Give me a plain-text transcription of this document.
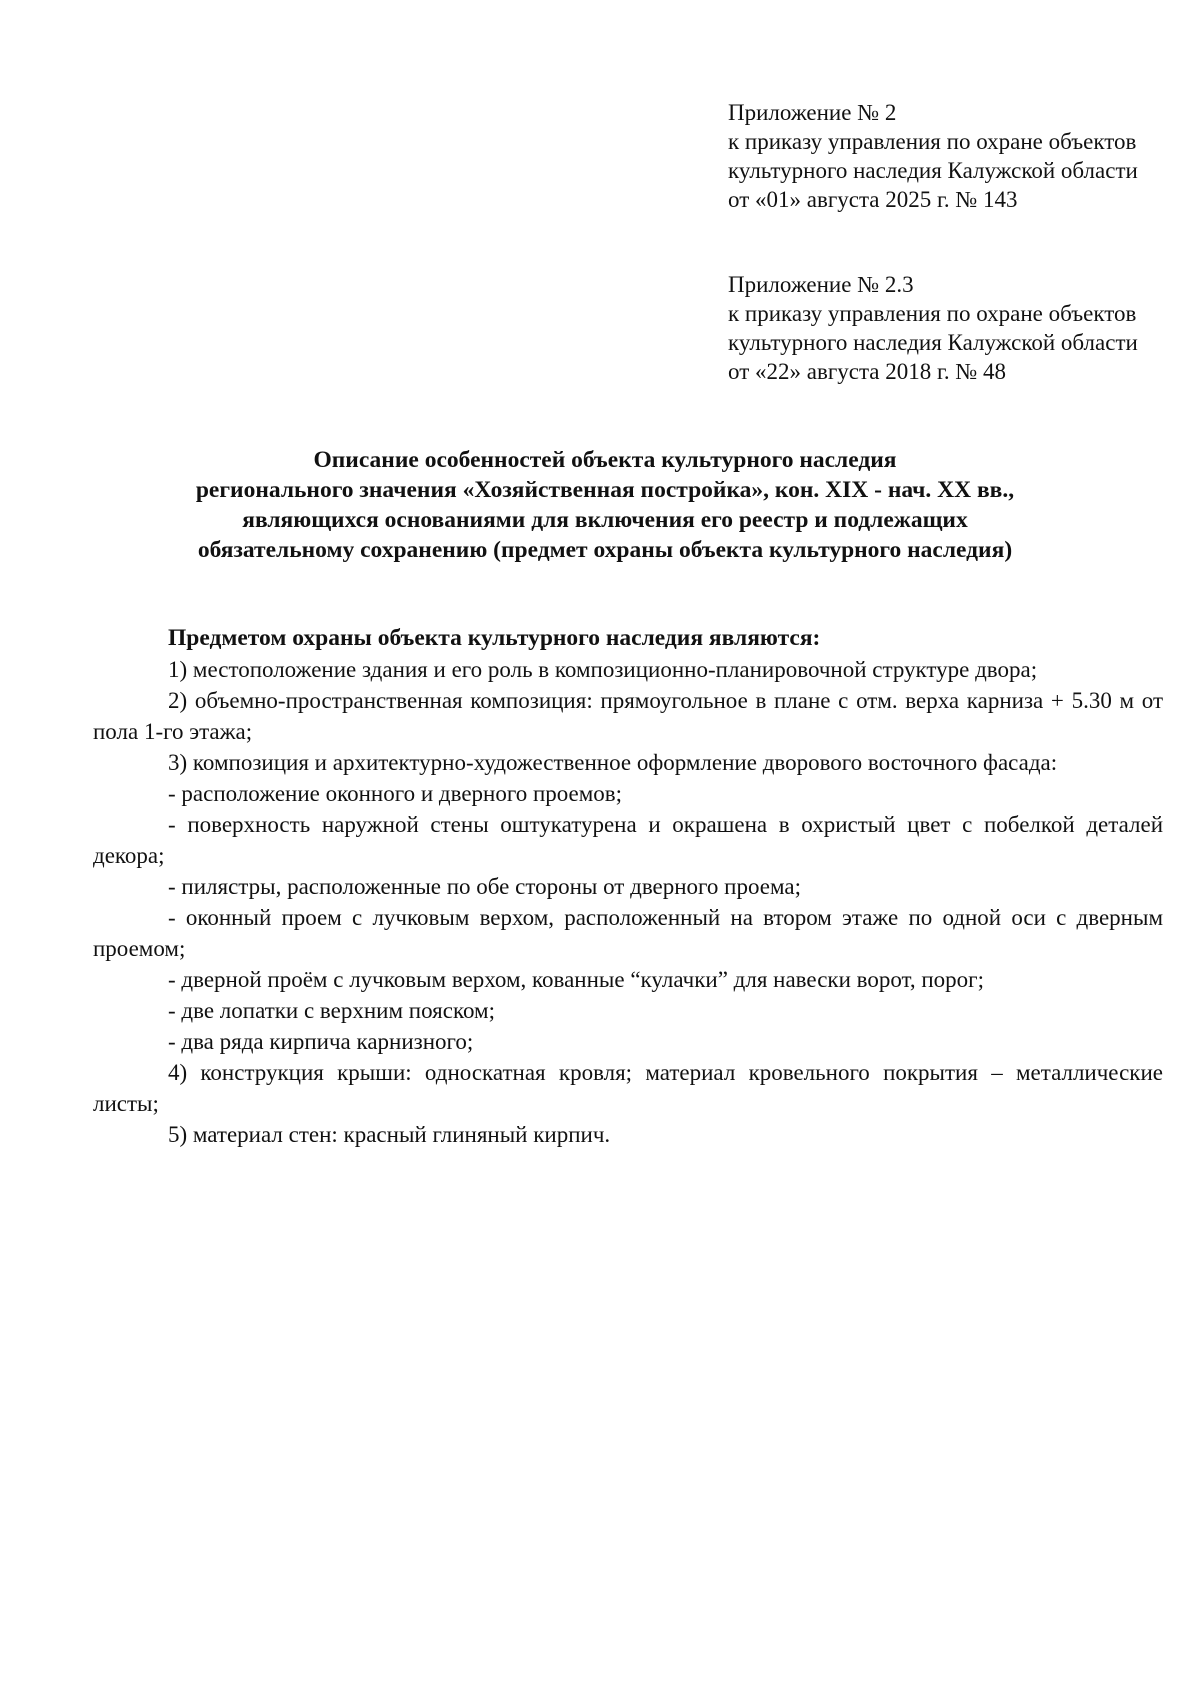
Приложение № 2
к приказу управления по охране объектов
культурного наследия Калужской области
от «01» августа 2025 г. № 143
Приложение № 2.3
к приказу управления по охране объектов
культурного наследия Калужской области
от «22» августа 2018 г. № 48
Описание особенностей объекта культурного наследия
регионального значения «Хозяйственная постройка», кон. XIX - нач. XX вв.,
являющихся основаниями для включения его реестр и подлежащих
обязательному сохранению (предмет охраны объекта культурного наследия)
Предметом охраны объекта культурного наследия являются:

1) местоположение здания и его роль в композиционно-планировочной структуре двора;

2) объемно-пространственная композиция: прямоугольное в плане с отм. верха карниза + 5.30 м от пола 1-го этажа;

3) композиция и архитектурно-художественное оформление дворового восточного фасада:

- расположение оконного и дверного проемов;

- поверхность наружной стены оштукатурена и окрашена в охристый цвет с побелкой деталей декора;

- пилястры, расположенные по обе стороны от дверного проема;

- оконный проем с лучковым верхом, расположенный на втором этаже по одной оси с дверным проемом;

- дверной проём с лучковым верхом, кованные “кулачки” для навески ворот, порог;

- две лопатки с верхним пояском;

- два ряда кирпича карнизного;

4) конструкция крыши: односкатная кровля; материал кровельного покрытия – металлические листы;

5) материал стен: красный глиняный кирпич.
